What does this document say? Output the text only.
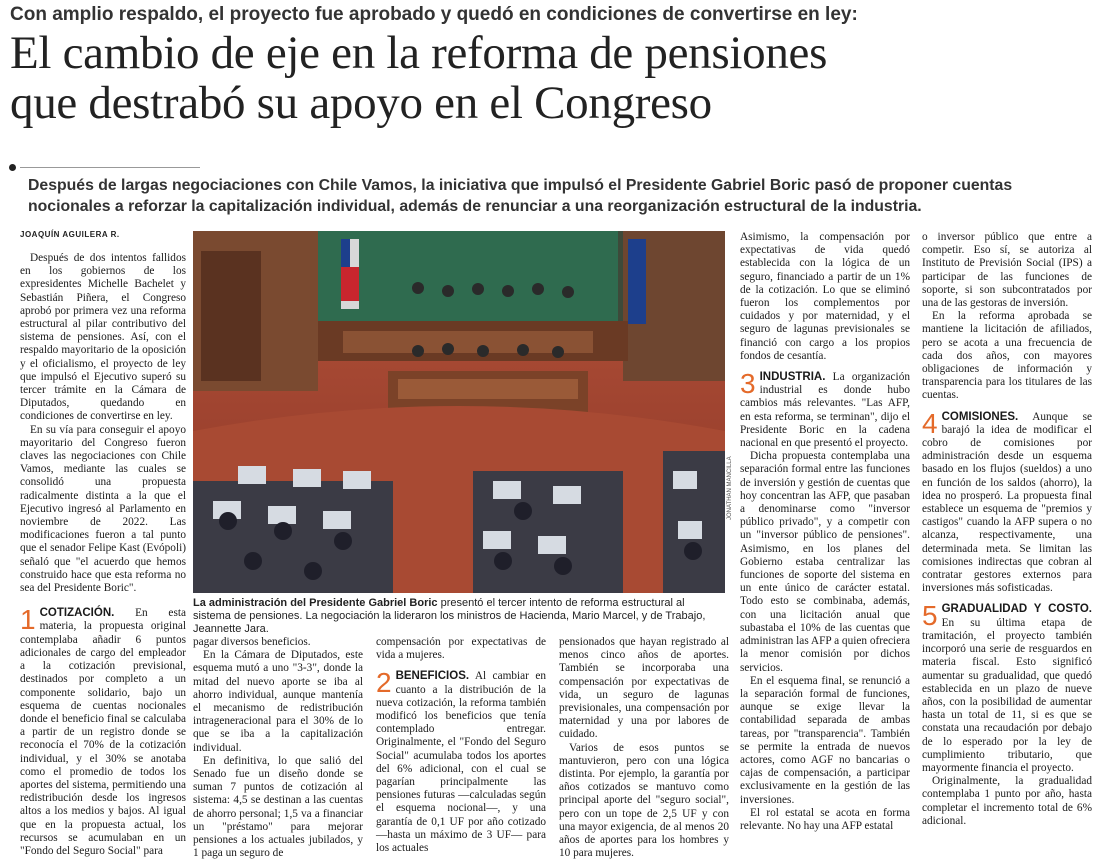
Con amplio respaldo, el proyecto fue aprobado y quedó en condiciones de convertirse en ley:
El cambio de eje en la reforma de pensiones
que destrabó su apoyo en el Congreso
Después de largas negociaciones con Chile Vamos, la iniciativa que impulsó el Presidente Gabriel Boric pasó de proponer cuentas nocionales a reforzar la capitalización individual, además de renunciar a una reorganización estructural de la industria.
JOAQUÍN AGUILERA R.

Después de dos intentos fallidos en los gobiernos de los expresidentes Michelle Bachelet y Sebastián Piñera, el Congreso aprobó por primera vez una reforma estructural al pilar contributivo del sistema de pensiones. Así, con el respaldo mayoritario de la oposición y el oficialismo, el proyecto de ley que impulsó el Ejecutivo superó su tercer trámite en la Cámara de Diputados, quedando en condiciones de convertirse en ley.

En su vía para conseguir el apoyo mayoritario del Congreso fueron claves las negociaciones con Chile Vamos, mediante las cuales se consolidó una propuesta radicalmente distinta a la que el Ejecutivo ingresó al Parlamento en noviembre de 2022. Las modificaciones fueron a tal punto que el senador Felipe Kast (Evópoli) señaló que "el acuerdo que hemos construido hace que esta reforma no sea del Presidente Boric".

1 COTIZACIÓN. En esta materia, la propuesta original contemplaba añadir 6 puntos adicionales de cargo del empleador a la cotización previsional, destinados por completo a un componente solidario, bajo un esquema de cuentas nocionales donde el beneficio final se calculaba a partir de un registro donde se reconocía el 70% de la cotización individual, y el 30% se anotaba como el promedio de todos los aportes del sistema, permitiendo una redistribución desde los ingresos altos a los medios y bajos. Al igual que en la propuesta actual, los recursos se acumulaban en un "Fondo del Seguro Social" para

JONATHAN MANCILLA
La administración del Presidente Gabriel Boric presentó el tercer intento de reforma estructural al sistema de pensiones. La negociación la lideraron los ministros de Hacienda, Mario Marcel, y de Trabajo, Jeannette Jara.

pagar diversos beneficios.

En la Cámara de Diputados, este esquema mutó a uno "3-3", donde la mitad del nuevo aporte se iba al ahorro individual, aunque mantenía el mecanismo de redistribución intrageneracional para el 30% de lo que se iba a la capitalización individual.

En definitiva, lo que salió del Senado fue un diseño donde se suman 7 puntos de cotización al sistema: 4,5 se destinan a las cuentas de ahorro personal; 1,5 va a financiar un "préstamo" para mejorar pensiones a los actuales jubilados, y 1 paga un seguro de

compensación por expectativas de vida a mujeres.

2 BENEFICIOS. Al cambiar en cuanto a la distribución de la nueva cotización, la reforma también modificó los beneficios que tenía contemplado entregar. Originalmente, el "Fondo del Seguro Social" acumulaba todos los aportes del 6% adicional, con el cual se pagarían principalmente las pensiones futuras —calculadas según el esquema nocional—, y una garantía de 0,1 UF por año cotizado —hasta un máximo de 3 UF— para los actuales

pensionados que hayan registrado al menos cinco años de aportes. También se incorporaba una compensación por expectativas de vida, un seguro de lagunas previsionales, una compensación por maternidad y una por labores de cuidado.

Varios de esos puntos se mantuvieron, pero con una lógica distinta. Por ejemplo, la garantía por años cotizados se mantuvo como principal aporte del "seguro social", pero con un tope de 2,5 UF y con una mayor exigencia, de al menos 20 años de aportes para los hombres y 10 para mujeres.

Asimismo, la compensación por expectativas de vida quedó establecida con la lógica de un seguro, financiado a partir de un 1% de la cotización. Lo que se eliminó fueron los complementos por cuidados y por maternidad, y el seguro de lagunas previsionales se financió con cargo a los propios fondos de cesantía.

3 INDUSTRIA. La organización industrial es donde hubo cambios más relevantes. "Las AFP, en esta reforma, se terminan", dijo el Presidente Boric en la cadena nacional en que presentó el proyecto.

Dicha propuesta contemplaba una separación formal entre las funciones de inversión y gestión de cuentas que hoy concentran las AFP, que pasaban a denominarse como "inversor público privado", y a competir con un "inversor público de pensiones". Asimismo, en los planes del Gobierno estaba centralizar las funciones de soporte del sistema en un ente único de carácter estatal. Todo esto se combinaba, además, con una licitación anual que subastaba el 10% de las cuentas que administran las AFP a quien ofreciera la menor comisión por dichos servicios.

En el esquema final, se renunció a la separación formal de funciones, aunque se exige llevar la contabilidad separada de ambas tareas, por "transparencia". También se permite la entrada de nuevos actores, como AGF no bancarias o cajas de compensación, a participar exclusivamente en la gestión de las inversiones.

El rol estatal se acota en forma relevante. No hay una AFP estatal

o inversor público que entre a competir. Eso sí, se autoriza al Instituto de Previsión Social (IPS) a participar de las funciones de soporte, si son subcontratados por una de las gestoras de inversión.

En la reforma aprobada se mantiene la licitación de afiliados, pero se acota a una frecuencia de cada dos años, con mayores obligaciones de información y transparencia para los titulares de las cuentas.

4 COMISIONES. Aunque se barajó la idea de modificar el cobro de comisiones por administración desde un esquema basado en los flujos (sueldos) a uno en función de los saldos (ahorro), la idea no prosperó. La propuesta final establece un esquema de "premios y castigos" cuando la AFP supera o no alcanza, respectivamente, una determinada meta. Se limitan las comisiones indirectas que cobran al contratar gestores externos para inversiones más sofisticadas.

5 GRADUALIDAD Y COSTO. En su última etapa de tramitación, el proyecto también incorporó una serie de resguardos en materia fiscal. Esto significó aumentar su gradualidad, que quedó establecida en un plazo de nueve años, con la posibilidad de aumentar hasta un total de 11, si es que se constata una recaudación por debajo de lo esperado por la ley de cumplimiento tributario, que mayormente financia el proyecto.

Originalmente, la gradualidad contemplaba 1 punto por año, hasta completar el incremento total de 6% adicional.
